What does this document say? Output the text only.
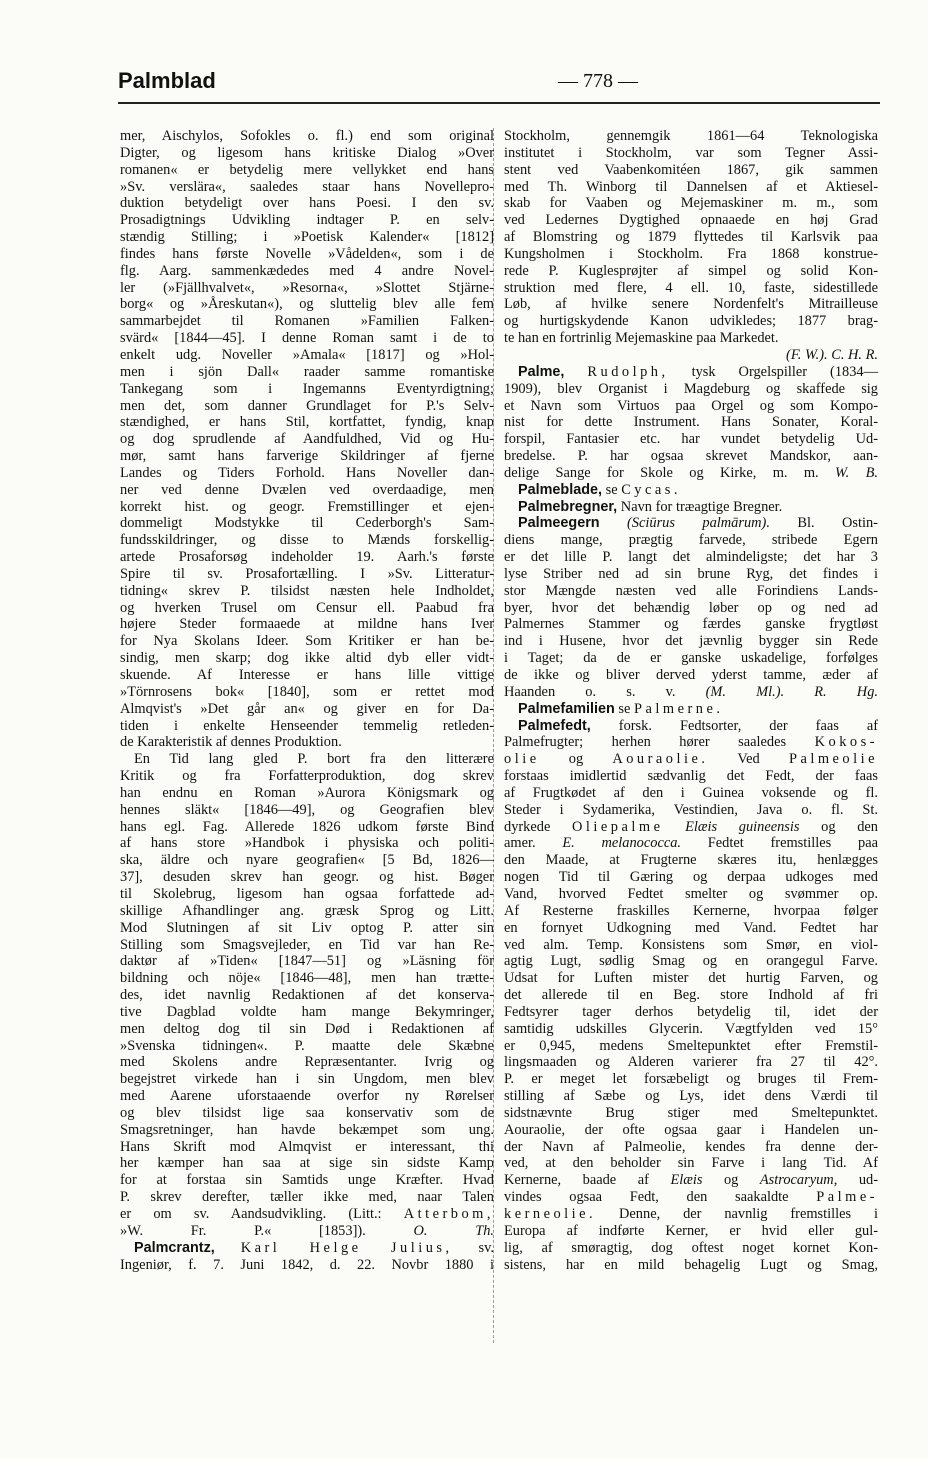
Palmblad	— 778 —
mer, Aischylos, Sofokles o. fl.) end som original
Digter, og ligesom hans kritiske Dialog »Over
romanen« er betydelig mere vellykket end hans
»Sv. verslära«, saaledes staar hans Novellepro-
duktion betydeligt over hans Poesi. I den sv.
Prosadigtnings Udvikling indtager P. en selv-
stændig Stilling; i »Poetisk Kalender« [1812]
findes hans første Novelle »Vådelden«, som i de
flg. Aarg. sammenkædedes med 4 andre Novel-
ler (»Fjällhvalvet«, »Resorna«, »Slottet Stjärne-
borg« og »Åreskutan«), og sluttelig blev alle fem
sammarbejdet til Romanen »Familien Falken-
svärd« [1844—45]. I denne Roman samt i de to
enkelt udg. Noveller »Amala« [1817] og »Hol-
men i sjön Dall« raader samme romantiske
Tankegang som i Ingemanns Eventyrdigtning;
men det, som danner Grundlaget for P.'s Selv-
stændighed, er hans Stil, kortfattet, fyndig, knap
og dog sprudlende af Aandfuldhed, Vid og Hu-
mør, samt hans farverige Skildringer af fjerne
Landes og Tiders Forhold. Hans Noveller dan-
ner ved denne Dvælen ved overdaadige, men
korrekt hist. og geogr. Fremstillinger et ejen-
dommeligt Modstykke til Cederborgh's Sam-
fundsskildringer, og disse to Mænds forskellig-
artede Prosaforsøg indeholder 19. Aarh.'s første
Spire til sv. Prosafortælling. I »Sv. Litteratur-
tidning« skrev P. tilsidst næsten hele Indholdet,
og hverken Trusel om Censur ell. Paabud fra
højere Steder formaaede at mildne hans Iver
for Nya Skolans Ideer. Som Kritiker er han be-
sindig, men skarp; dog ikke altid dyb eller vidt-
skuende. Af Interesse er hans lille vittige
»Törnrosens bok« [1840], som er rettet mod
Almqvist's »Det går an« og giver en for Da-
tiden i enkelte Henseender temmelig retleden-
de Karakteristik af dennes Produktion.
En Tid lang gled P. bort fra den litterære
Kritik og fra Forfatterproduktion, dog skrev
han endnu en Roman »Aurora Königsmark og
hennes släkt« [1846—49], og Geografien blev
hans egl. Fag. Allerede 1826 udkom første Bind
af hans store »Handbok i physiska och politi-
ska, äldre och nyare geografien« [5 Bd, 1826—
37], desuden skrev han geogr. og hist. Bøger
til Skolebrug, ligesom han ogsaa forfattede ad-
skillige Afhandlinger ang. græsk Sprog og Litt.
Mod Slutningen af sit Liv optog P. atter sin
Stilling som Smagsvejleder, en Tid var han Re-
daktør af »Tiden« [1847—51] og »Läsning för
bildning och nöje« [1846—48], men han trætte-
des, idet navnlig Redaktionen af det konserva-
tive Dagblad voldte ham mange Bekymringer,
men deltog dog til sin Død i Redaktionen af
»Svenska tidningen«. P. maatte dele Skæbne
med Skolens andre Repræsentanter. Ivrig og
begejstret virkede han i sin Ungdom, men blev
med Aarene uforstaaende overfor ny Rørelser
og blev tilsidst lige saa konservativ som de
Smagsretninger, han havde bekæmpet som ung.
Hans Skrift mod Almqvist er interessant, thi
her kæmper han saa at sige sin sidste Kamp
for at forstaa sin Samtids unge Kræfter. Hvad
P. skrev derefter, tæller ikke med, naar Talen
er om sv. Aandsudvikling. (Litt.: Atterbom,
»W. Fr. P.« [1853]).	O. Th.
Palmcrantz, Karl Helge Julius, sv.
Ingeniør, f. 7. Juni 1842, d. 22. Novbr 1880 i
Stockholm, gennemgik 1861—64 Teknologiska
institutet i Stockholm, var som Tegner Assi-
stent ved Vaabenkomitéen 1867, gik sammen
med Th. Winborg til Dannelsen af et Aktiesel-
skab for Vaaben og Mejemaskiner m. m., som
ved Ledernes Dygtighed opnaaede en høj Grad
af Blomstring og 1879 flyttedes til Karlsvik paa
Kungsholmen i Stockholm. Fra 1868 konstrue-
rede P. Kuglesprøjter af simpel og solid Kon-
struktion med flere, 4 ell. 10, faste, sidestillede
Løb, af hvilke senere Nordenfelt's Mitrailleuse
og hurtigskydende Kanon udvikledes; 1877 brag-
te han en fortrinlig Mejemaskine paa Markedet.
(F. W.). C. H. R.
Palme, Rudolph, tysk Orgelspiller (1834—
1909), blev Organist i Magdeburg og skaffede sig
et Navn som Virtuos paa Orgel og som Kompo-
nist for dette Instrument. Hans Sonater, Koral-
forspil, Fantasier etc. har vundet betydelig Ud-
bredelse. P. har ogsaa skrevet Mandskor, aan-
delige Sange for Skole og Kirke, m. m. W. B.
Palmeblade, se Cycas.
Palmebregner, Navn for træagtige Bregner.
Palmeegern (Sciūrus palmārum). Bl. Ostin-
diens mange, prægtig farvede, stribede Egern
er det lille P. langt det almindeligste; det har 3
lyse Striber ned ad sin brune Ryg, det findes i
stor Mængde næsten ved alle Forindiens Lands-
byer, hvor det behændig løber op og ned ad
Palmernes Stammer og færdes ganske frygtløst
ind i Husene, hvor det jævnlig bygger sin Rede
i Taget; da de er ganske uskadelige, forfølges
de ikke og bliver derved yderst tamme, æder af
Haanden o. s. v. (M. Ml.). R. Hg.
Palmefamilien se Palmerne.
Palmefedt, forsk. Fedtsorter, der faas af
Palmefrugter; herhen hører saaledes Kokos-
olie og Aouraolie. Ved Palmeolie
forstaas imidlertid sædvanlig det Fedt, der faas
af Frugtkødet af den i Guinea voksende og fl.
Steder i Sydamerika, Vestindien, Java o. fl. St.
dyrkede Oliepalme Elæis guineensis og den
amer. E. melanococca. Fedtet fremstilles paa
den Maade, at Frugterne skæres itu, henlægges
nogen Tid til Gæring og derpaa udkoges med
Vand, hvorved Fedtet smelter og svømmer op.
Af Resterne fraskilles Kernerne, hvorpaa følger
en fornyet Udkogning med Vand. Fedtet har
ved alm. Temp. Konsistens som Smør, en viol-
agtig Lugt, sødlig Smag og en orangegul Farve.
Udsat for Luften mister det hurtig Farven, og
det allerede til en Beg. store Indhold af fri
Fedtsyrer tager derhos betydelig til, idet der
samtidig udskilles Glycerin. Vægtfylden ved 15°
er 0,945, medens Smeltepunktet efter Fremstil-
lingsmaaden og Alderen varierer fra 27 til 42°.
P. er meget let forsæbeligt og bruges til Frem-
stilling af Sæbe og Lys, idet dens Værdi til
sidstnævnte Brug stiger med Smeltepunktet.
Aouraolie, der ofte ogsaa gaar i Handelen un-
der Navn af Palmeolie, kendes fra denne der-
ved, at den beholder sin Farve i lang Tid. Af
Kernerne, baade af Elæis og Astrocaryum, ud-
vindes ogsaa Fedt, den saakaldte Palme-
kerneolie. Denne, der navnlig fremstilles i
Europa af indførte Kerner, er hvid eller gul-
lig, af smøragtig, dog oftest noget kornet Kon-
sistens, har en mild behagelig Lugt og Smag,
